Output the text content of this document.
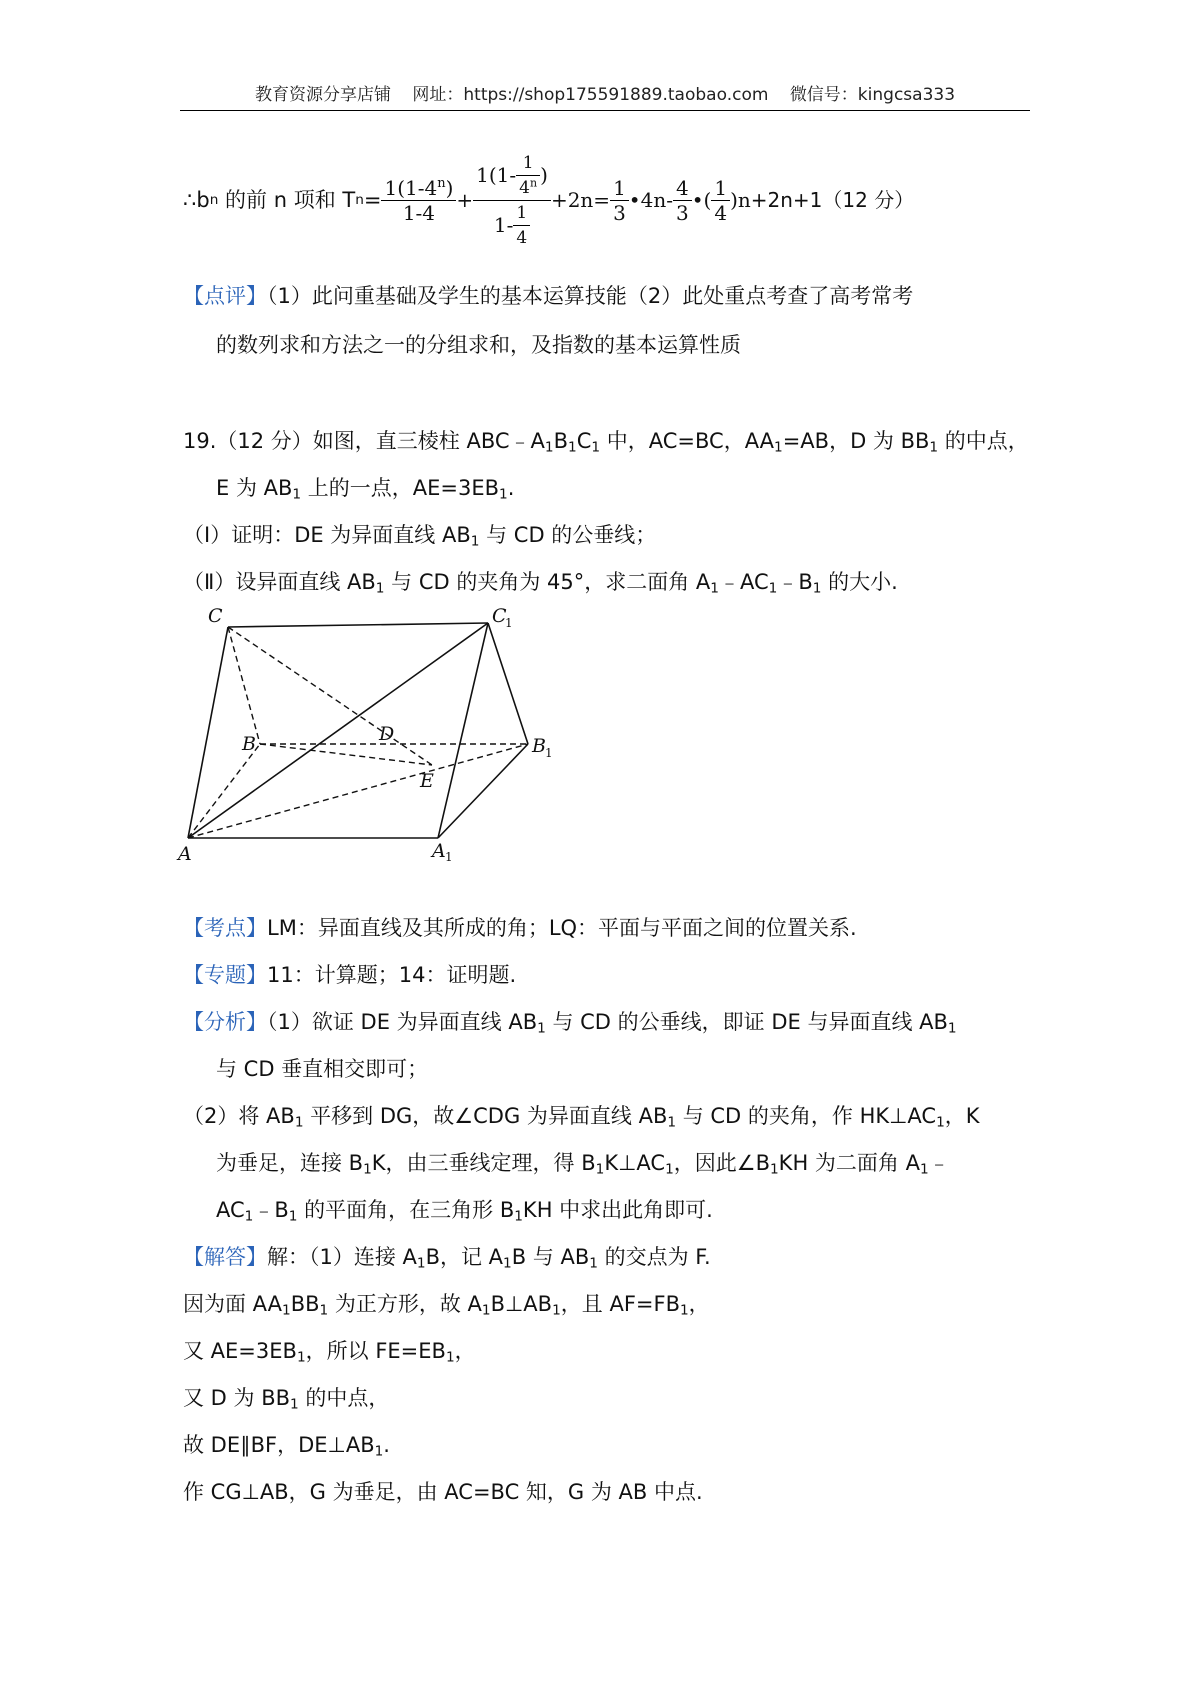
教育资源分享店铺 网址：https://shop175591889.taobao.com 微信号：kingcsa333
∴b n 的前 n 项和 T $n = \frac{1(1-4^n)}{1-4} + \frac{1(1- \frac{1}{4^n} )}{1- \frac{1}{4}} +2n= \frac{1}{3}$ •4 n - $\frac{4}{3}$ •( $\frac{1}{4}$ ) n +2n+1（12 分）
【点评】（1）此问重基础及学生的基本运算技能（2）此处重点考查了高考常考
的数列求和方法之一的分组求和，及指数的基本运算性质
19.（12 分）如图，直三棱柱 $ABC﹣A_1B_1C_1$ 中，AC=BC，$AA_1=AB$，D 为 $BB_1$ 的中点，
E 为 $AB_1$ 上的一点，$AE=3EB_1$.
（Ⅰ）证明：DE 为异面直线 $AB_1$ 与 CD 的公垂线；
（Ⅱ）设异面直线 $AB_1$ 与 CD 的夹角为 45°，求二面角 $A_1﹣AC_1﹣B_1$ 的大小.
C	C
1
B	B 1
D
E
A	A 1
【考点】LM：异面直线及其所成的角；LQ：平面与平面之间的位置关系.
【专题】11：计算题；14：证明题.
【分析】（1）欲证 DE 为异面直线 $AB_1$ 与 CD 的公垂线，即证 DE 与异面直线 $AB_1$
与 CD 垂直相交即可；
（2）将 $AB_1$ 平移到 DG，故∠CDG 为异面直线 $AB_1$ 与 CD 的夹角，作 $HK\perp AC_1$，K
为垂足，连接 $B_1K$，由三垂线定理，得 $B_1K\perp AC_1$，因此$\angle B_1KH$ 为二面角 $A_1﹣$
$AC_1﹣B_1$ 的平面角，在三角形 $B_1KH$ 中求出此角即可.
【解答】解：（1）连接 $A_1B$，记 $A_1B$ 与 $AB_1$ 的交点为 F.
因为面 $AA_1BB_1$ 为正方形，故 $A_1B\perp AB_1$，且 $AF=FB_1$，
又 $AE=3EB_1$，所以 $FE=EB_1$，
又 D 为 $BB_1$ 的中点，
故 DE∥BF，$DE\perp AB_1$.
作 CG⊥AB，G 为垂足，由 AC=BC 知，G 为 AB 中点.
